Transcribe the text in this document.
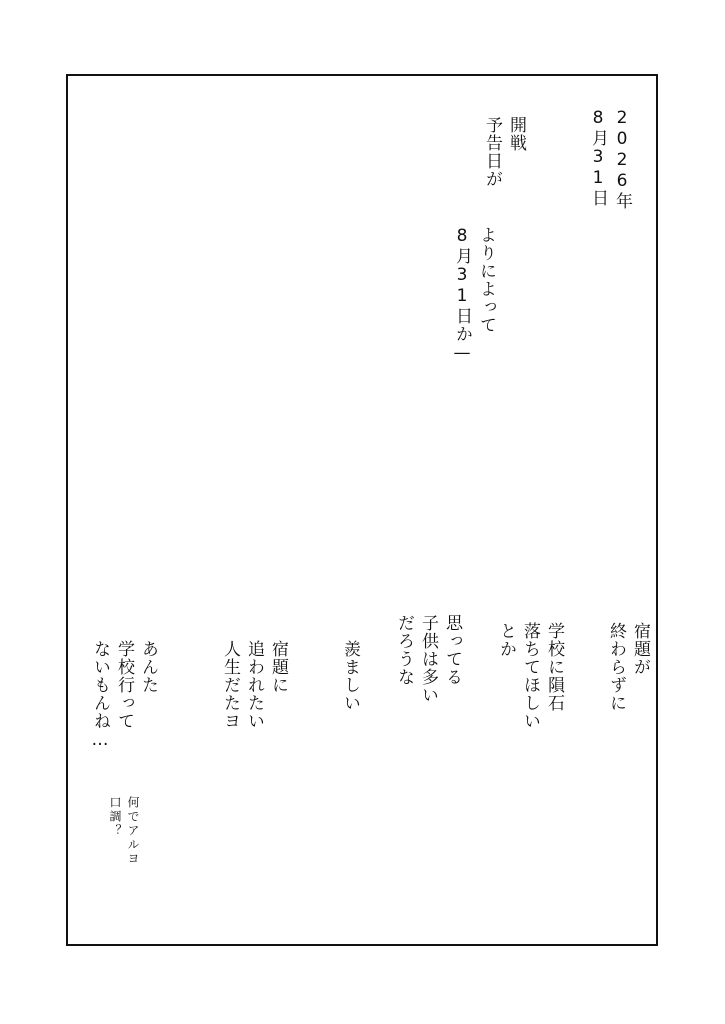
2026年
8月31日
開戦
予告日が
よりによって
8月31日か—
宿題が
終わらずに
学校に隕石
落ちてほしい
とか
思ってる
子供は多い
だろうな
羨ましい
宿題に
追われたい
人生だたヨ
あんた
学校行って
ないもんね…
何でアルヨ
口調？
